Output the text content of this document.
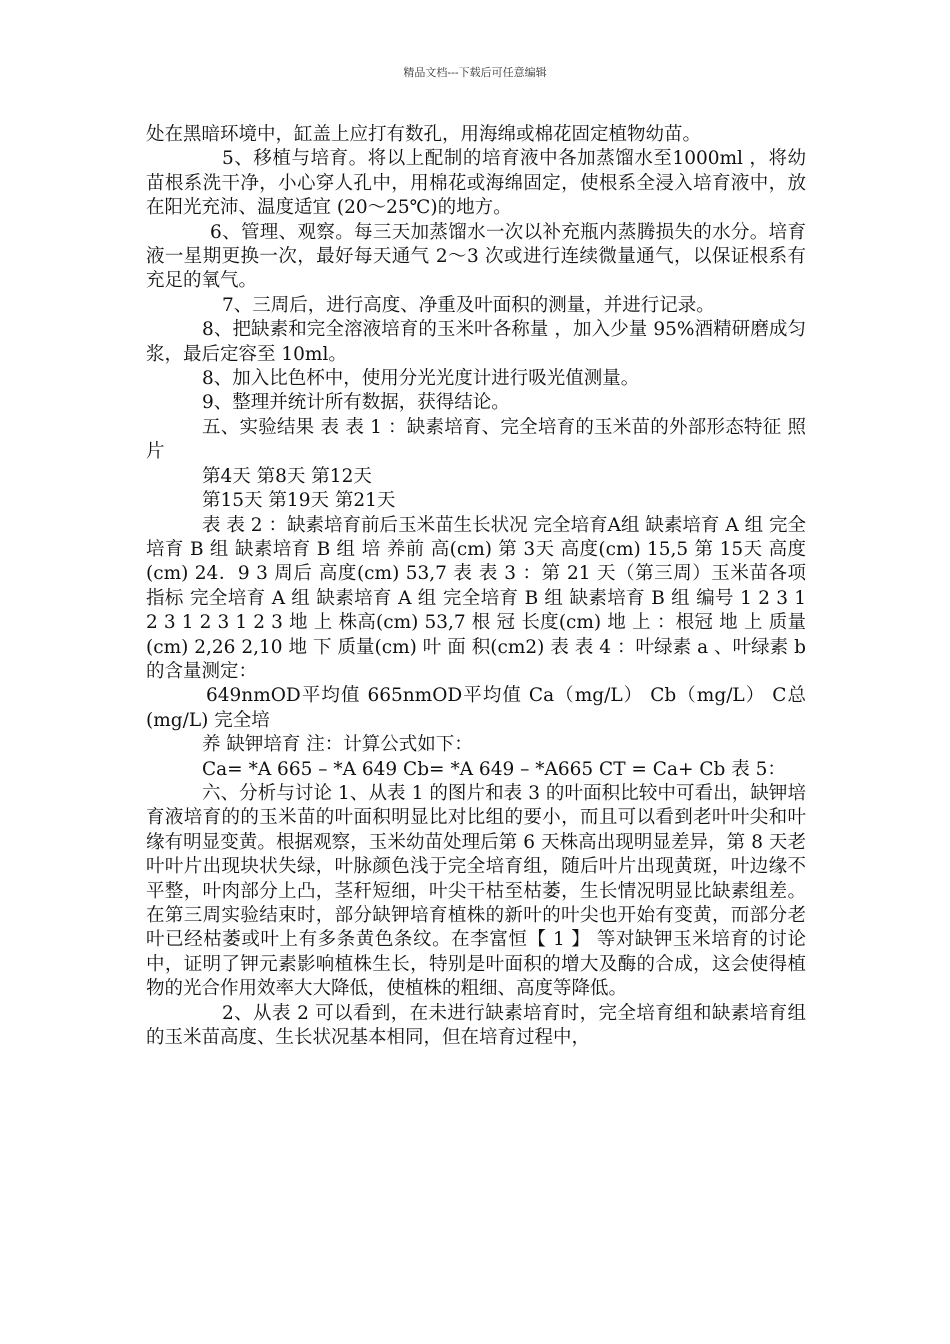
精品文档---下载后可任意编辑

处在黑暗环境中，缸盖上应打有数孔，用海绵或棉花固定植物幼苗。

5、移植与培育。将以上配制的培育液中各加蒸馏水至1000ml ，将幼苗根系洗干净，小心穿人孔中，用棉花或海绵固定，使根系全浸入培育液中，放在阳光充沛、温度适宜 (20～25℃)的地方。

6、管理、观察。每三天加蒸馏水一次以补充瓶内蒸腾损失的水分。培育液一星期更换一次，最好每天通气 2～3 次或进行连续微量通气，以保证根系有充足的氧气。

7、三周后，进行高度、净重及叶面积的测量，并进行记录。

8、把缺素和完全溶液培育的玉米叶各称量 ，加入少量 95%酒精研磨成匀浆，最后定容至 10ml。

8、加入比色杯中，使用分光光度计进行吸光值测量。

9、整理并统计所有数据，获得结论。

五、实验结果 表 表 1 ：缺素培育、完全培育的玉米苗的外部形态特征 照片

第4天 第8天 第12天

第15天 第19天 第21天

表 表 2 ：缺素培育前后玉米苗生长状况 完全培育A组 缺素培育 A 组 完全培育 B 组 缺素培育 B 组 培 养前 高(cm) 第 3天 高度(cm) 15,5 第 15天 高度(cm) 24．9 3 周后 高度(cm) 53,7 表 表 3 ：第 21 天（第三周）玉米苗各项指标 完全培育 A 组 缺素培育 A 组 完全培育 B 组 缺素培育 B 组 编号 1 2 3 1 2 3 1 2 3 1 2 3 地 上 株高(cm) 53,7 根 冠 长度(cm) 地 上 ：根冠 地 上 质量(cm) 2,26 2,10 地 下 质量(cm) 叶 面 积(cm2) 表 表 4 ：叶绿素 a 、叶绿素 b 的含量测定：

649nmOD平均值 665nmOD平均值 Ca（mg/L） Cb（mg/L） C总 (mg/L) 完全培

养 缺钾培育 注：计算公式如下：

Ca= *A 665 – *A 649 Cb= *A 649 – *A665 CT = Ca+ Cb 表 5：

六、分析与讨论 1、从表 1 的图片和表 3 的叶面积比较中可看出，缺钾培育液培育的的玉米苗的叶面积明显比对比组的要小，而且可以看到老叶叶尖和叶缘有明显变黄。根据观察，玉米幼苗处理后第 6 天株高出现明显差异，第 8 天老叶叶片出现块状失绿，叶脉颜色浅于完全培育组，随后叶片出现黄斑，叶边缘不平整，叶肉部分上凸，茎秆短细，叶尖干枯至枯萎，生长情况明显比缺素组差。在第三周实验结束时，部分缺钾培育植株的新叶的叶尖也开始有变黄，而部分老叶已经枯萎或叶上有多条黄色条纹。在李富恒【 1 】 等对缺钾玉米培育的讨论中，证明了钾元素影响植株生长，特别是叶面积的增大及酶的合成，这会使得植物的光合作用效率大大降低，使植株的粗细、高度等降低。

2、从表 2 可以看到，在未进行缺素培育时，完全培育组和缺素培育组的玉米苗高度、生长状况基本相同，但在培育过程中，
